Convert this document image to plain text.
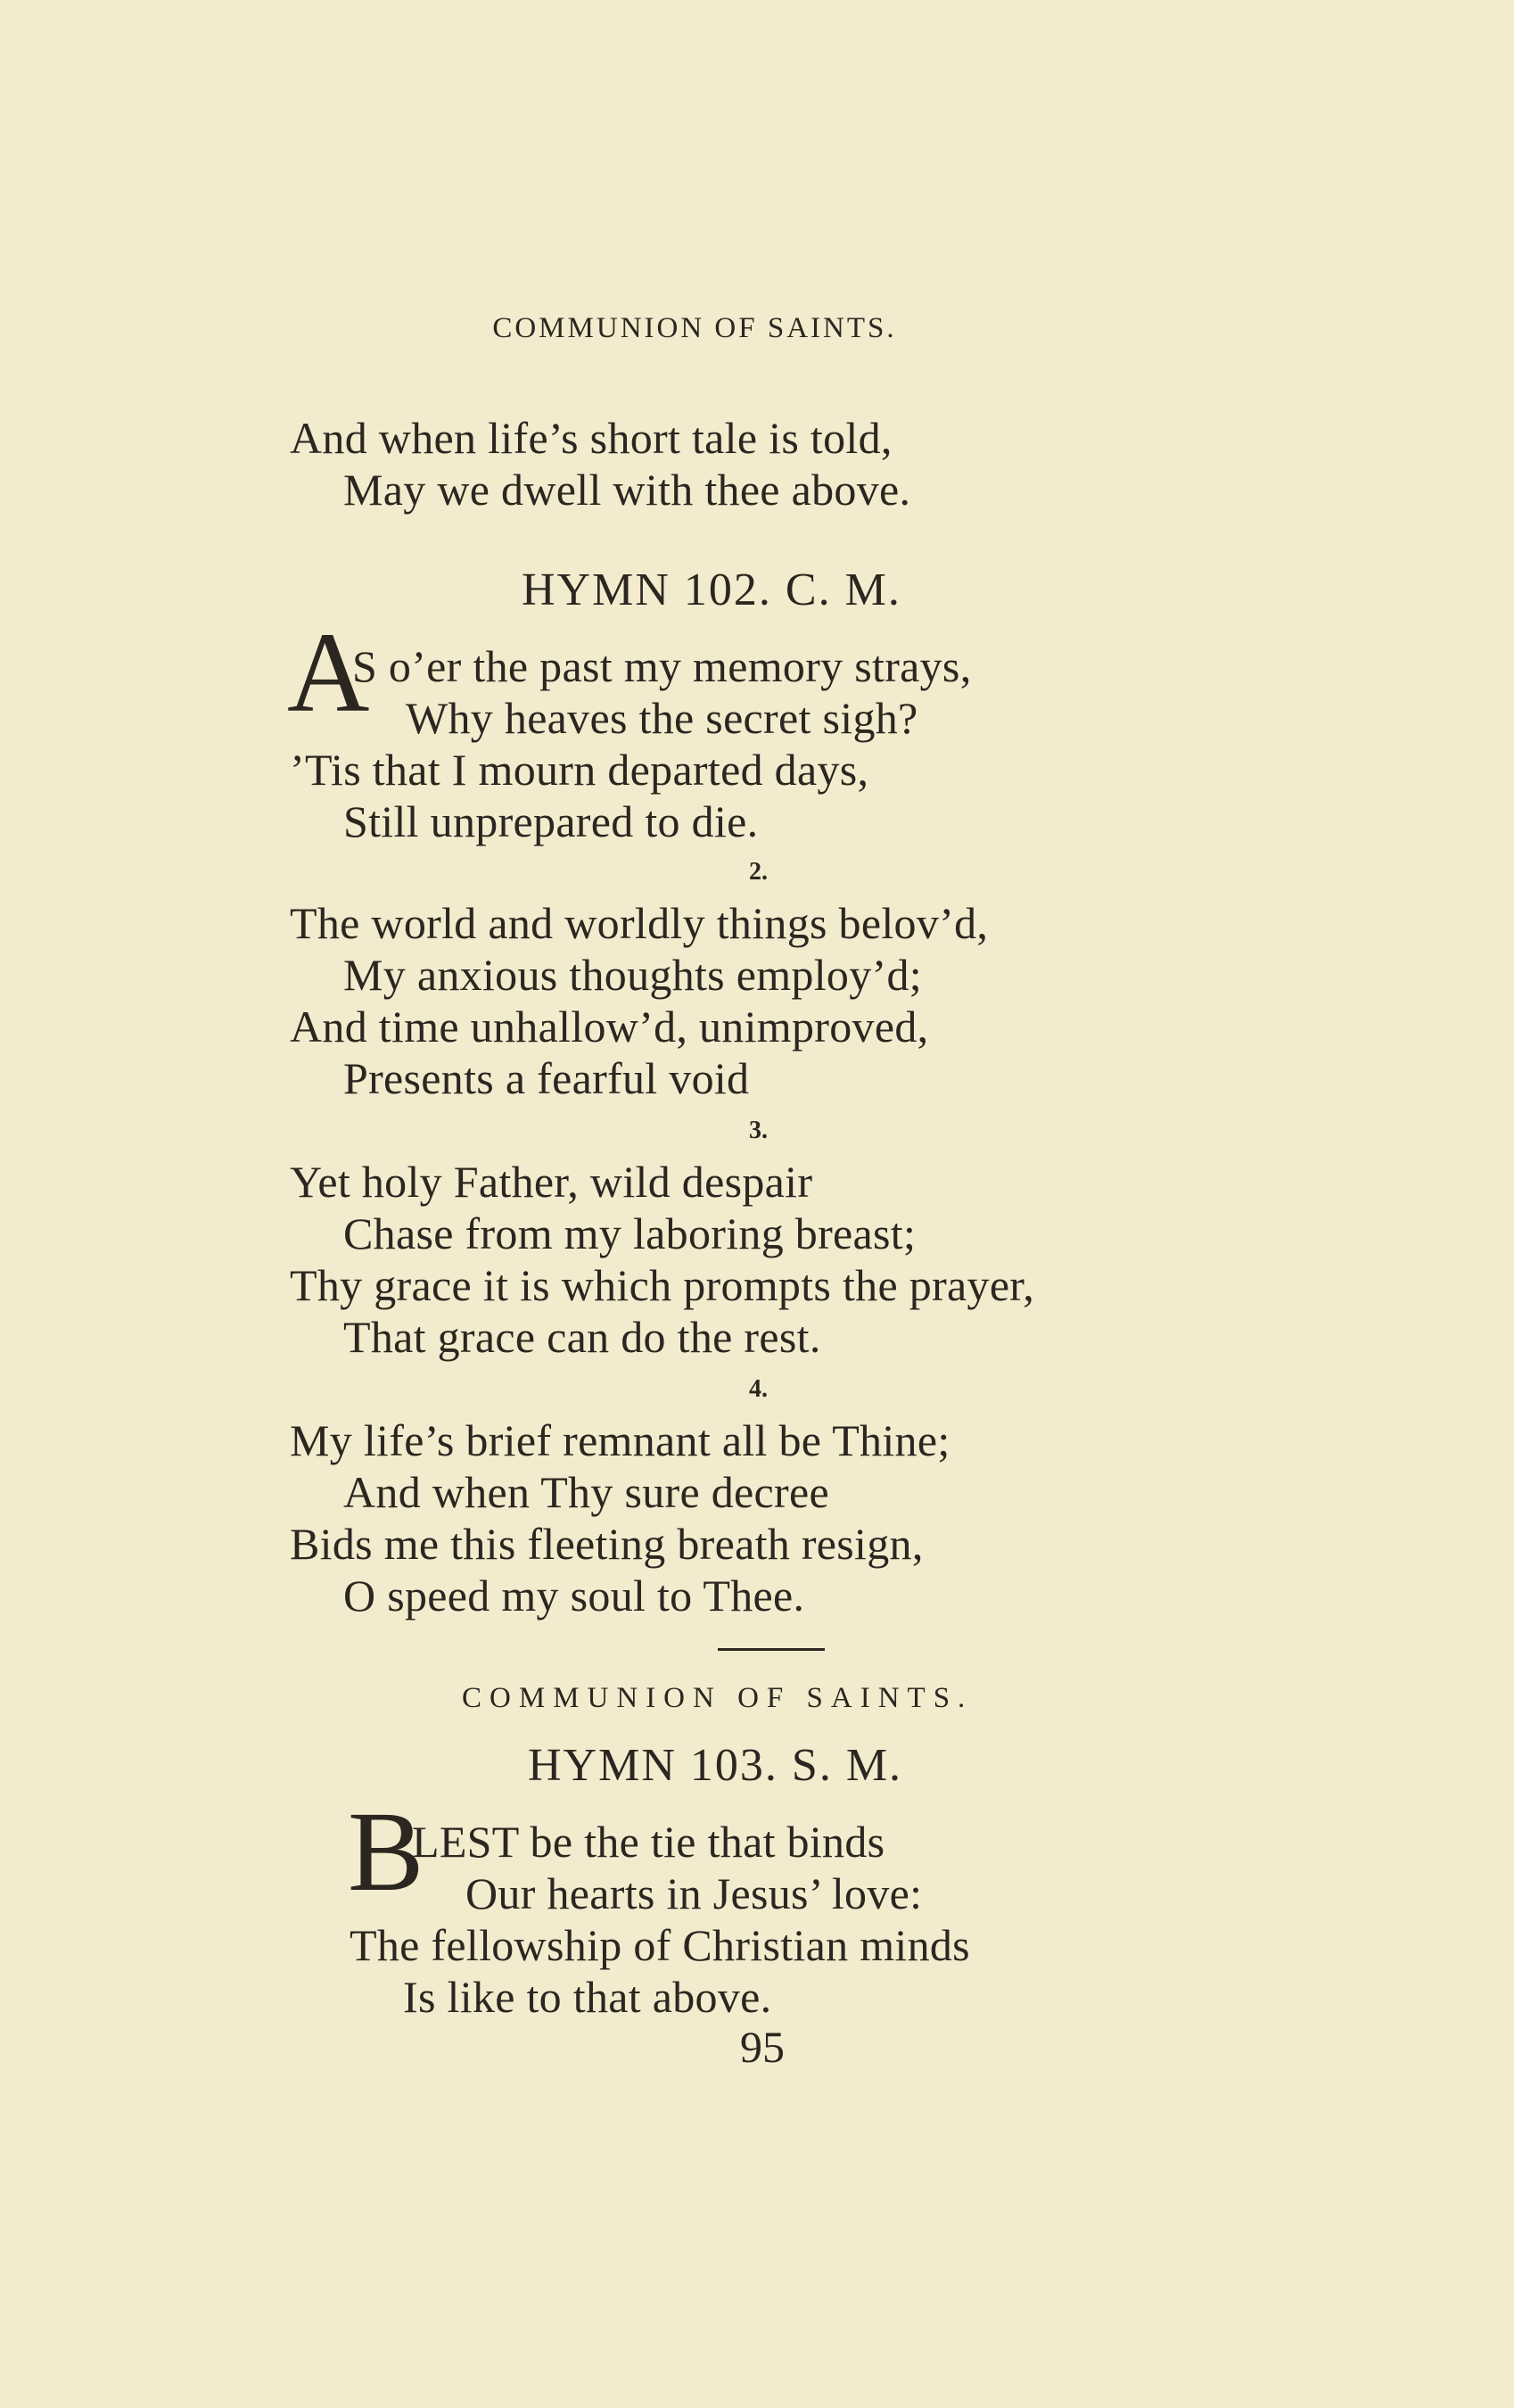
COMMUNION OF SAINTS.
And when life’s short tale is told,
May we dwell with thee above.
HYMN 102. C. M.
A
S o’er the past my memory strays,
Why heaves the secret sigh?
’Tis that I mourn departed days,
Still unprepared to die.
2.
The world and worldly things belov’d,
My anxious thoughts employ’d;
And time unhallow’d, unimproved,
Presents a fearful void
3.
Yet holy Father, wild despair
Chase from my laboring breast;
Thy grace it is which prompts the prayer,
That grace can do the rest.
4.
My life’s brief remnant all be Thine;
And when Thy sure decree
Bids me this fleeting breath resign,
O speed my soul to Thee.
COMMUNION OF SAINTS.
HYMN 103. S. M.
B
LEST be the tie that binds
Our hearts in Jesus’ love:
The fellowship of Christian minds
Is like to that above.
95
